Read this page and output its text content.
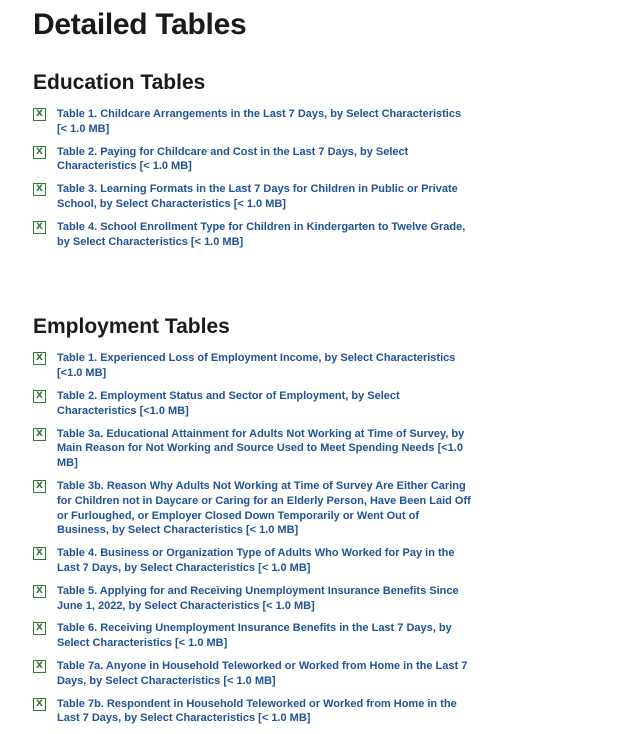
Detailed Tables
Education Tables
X Table 1. Childcare Arrangements in the Last 7 Days, by Select Characteristics [< 1.0 MB]
X Table 2. Paying for Childcare and Cost in the Last 7 Days, by Select Characteristics [< 1.0 MB]
X Table 3. Learning Formats in the Last 7 Days for Children in Public or Private School, by Select Characteristics [< 1.0 MB]
X Table 4. School Enrollment Type for Children in Kindergarten to Twelve Grade, by Select Characteristics [< 1.0 MB]
Employment Tables
X Table 1. Experienced Loss of Employment Income, by Select Characteristics [<1.0 MB]
X Table 2. Employment Status and Sector of Employment, by Select Characteristics [<1.0 MB]
X Table 3a. Educational Attainment for Adults Not Working at Time of Survey, by Main Reason for Not Working and Source Used to Meet Spending Needs [<1.0 MB]
X Table 3b. Reason Why Adults Not Working at Time of Survey Are Either Caring for Children not in Daycare or Caring for an Elderly Person, Have Been Laid Off or Furloughed, or Employer Closed Down Temporarily or Went Out of Business, by Select Characteristics [< 1.0 MB]
X Table 4. Business or Organization Type of Adults Who Worked for Pay in the Last 7 Days, by Select Characteristics [< 1.0 MB]
X Table 5. Applying for and Receiving Unemployment Insurance Benefits Since June 1, 2022, by Select Characteristics [< 1.0 MB]
X Table 6. Receiving Unemployment Insurance Benefits in the Last 7 Days, by Select Characteristics [< 1.0 MB]
X Table 7a. Anyone in Household Teleworked or Worked from Home in the Last 7 Days, by Select Characteristics [< 1.0 MB]
X Table 7b. Respondent in Household Teleworked or Worked from Home in the Last 7 Days, by Select Characteristics [< 1.0 MB]
